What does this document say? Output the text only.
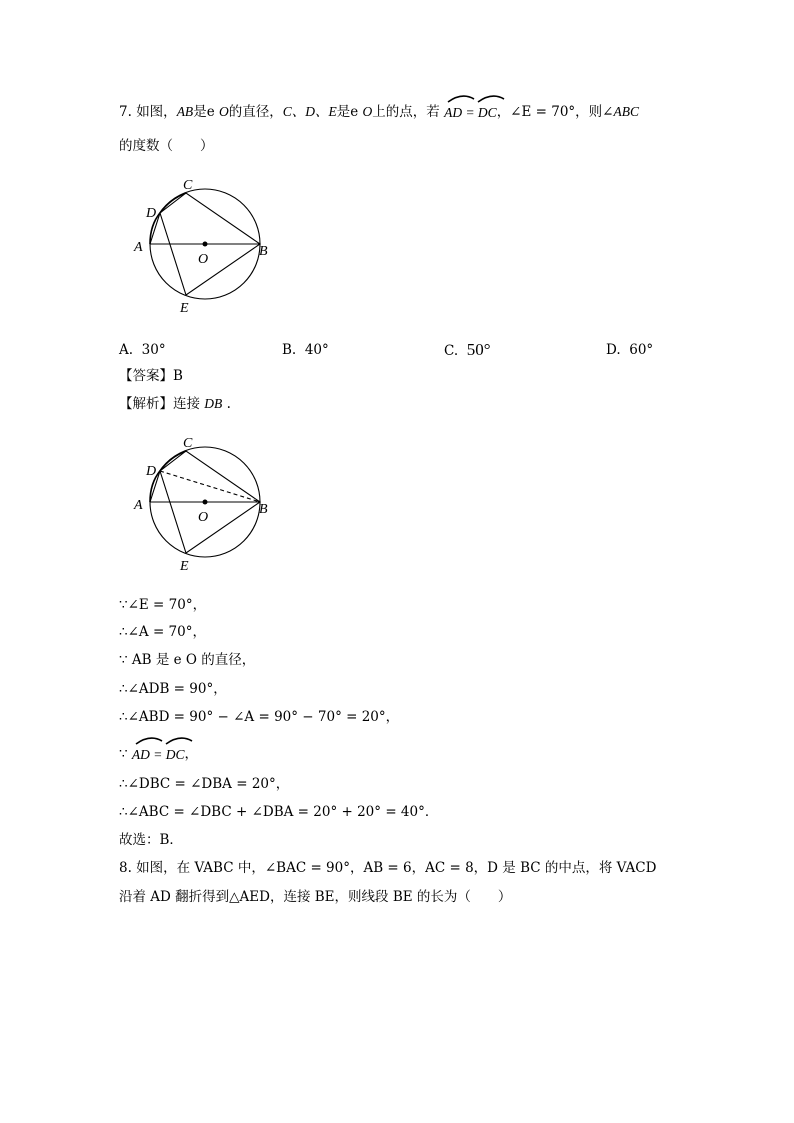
7. 如图，AB是e O的直径，C、D、E是e O上的点，若 AD = DC，∠E = 70°，则∠ABC
的度数（　　）
C
D
A
O
B
E
A. 30°	B. 40°	C. 50°	D. 60°
【答案】B
【解析】连接 DB .
C
D
A
O
B
E
∵∠E = 70°，
∴∠A = 70°，
∵ AB 是 e O 的直径，
∴∠ADB = 90°，
∴∠ABD = 90° − ∠A = 90° − 70° = 20°，
∵
AD = DC，
∴∠DBC = ∠DBA = 20°，
∴∠ABC = ∠DBC + ∠DBA = 20° + 20° = 40°．
故选：B．
8. 如图，在 VABC 中，∠BAC = 90°，AB = 6，AC = 8，D 是 BC 的中点，将 VACD
沿着 AD 翻折得到△AED，连接 BE，则线段 BE 的长为（　　）
